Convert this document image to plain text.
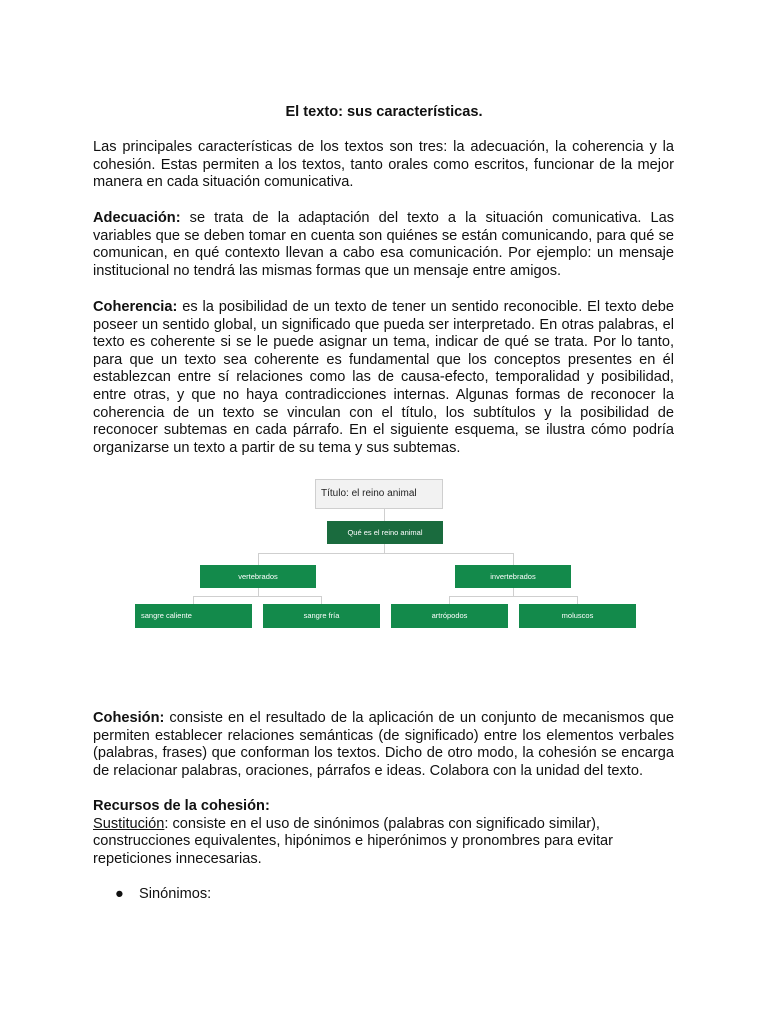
El texto: sus características.

Las principales características de los textos son tres: la adecuación, la coherencia y la cohesión. Estas permiten a los textos, tanto orales como escritos, funcionar de la mejor manera en cada situación comunicativa.

Adecuación: se trata de la adaptación del texto a la situación comunicativa. Las variables que se deben tomar en cuenta son quiénes se están comunicando, para qué se comunican, en qué contexto llevan a cabo esa comunicación. Por ejemplo: un mensaje institucional no tendrá las mismas formas que un mensaje entre amigos.

Coherencia: es la posibilidad de un texto de tener un sentido reconocible. El texto debe poseer un sentido global, un significado que pueda ser interpretado. En otras palabras, el texto es coherente si se le puede asignar un tema, indicar de qué se trata. Por lo tanto, para que un texto sea coherente es fundamental que los conceptos presentes en él establezcan entre sí relaciones como las de causa-efecto, temporalidad y posibilidad, entre otras, y que no haya contradicciones internas. Algunas formas de reconocer la coherencia de un texto se vinculan con el título, los subtítulos y la posibilidad de reconocer subtemas en cada párrafo. En el siguiente esquema, se ilustra cómo podría organizarse un texto a partir de su tema y sus subtemas.

Título: el reino animal
Qué es el reino animal
vertebrados	invertebrados
sangre caliente	sangre fría	artrópodos	moluscos

Cohesión: consiste en el resultado de la aplicación de un conjunto de mecanismos que permiten establecer relaciones semánticas (de significado) entre los elementos verbales (palabras, frases) que conforman los textos. Dicho de otro modo, la cohesión se encarga de relacionar palabras, oraciones, párrafos e ideas. Colabora con la unidad del texto.

Recursos de la cohesión:
Sustitución: consiste en el uso de sinónimos (palabras con significado similar), construcciones equivalentes, hipónimos e hiperónimos y pronombres para evitar repeticiones innecesarias.

● Sinónimos:
